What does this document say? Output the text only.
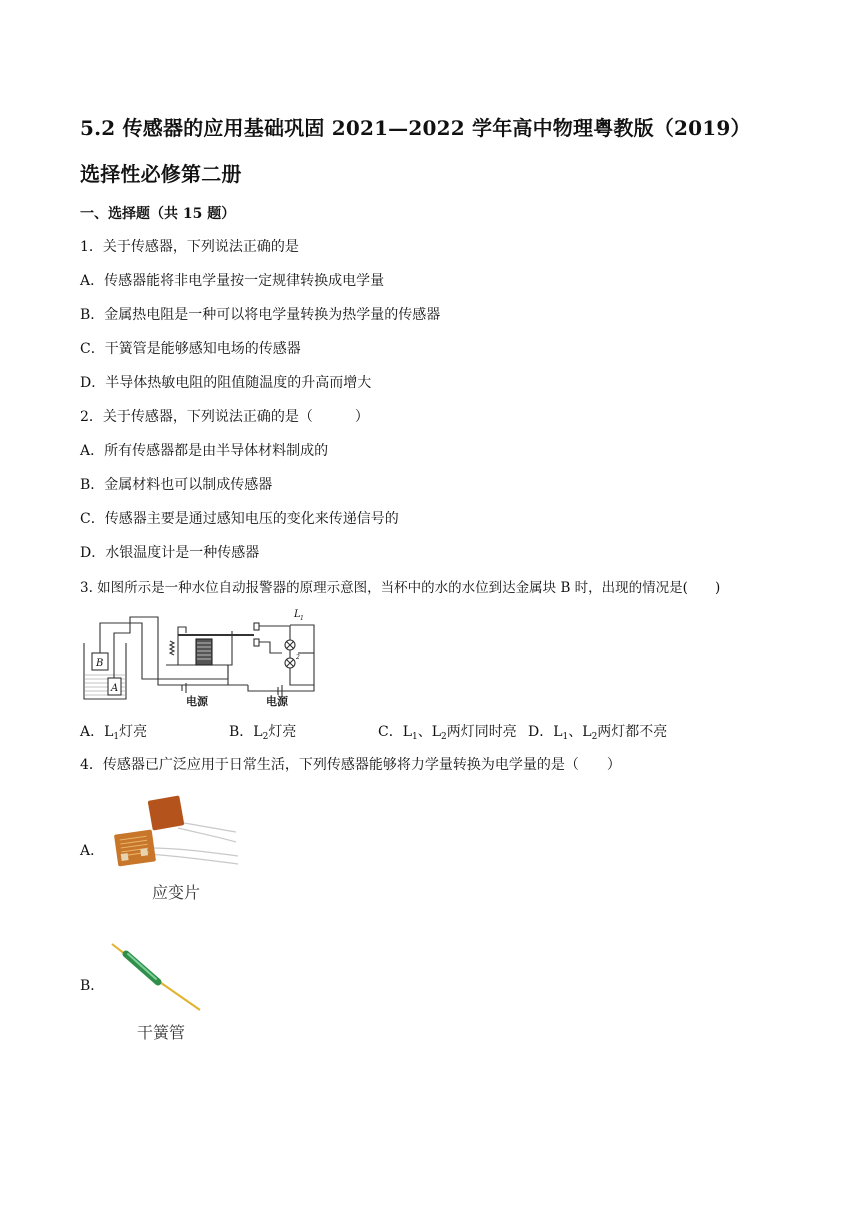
5.2 传感器的应用基础巩固 2021—2022 学年高中物理粤教版（2019）
选择性必修第二册
一、选择题（共 15 题）
1．关于传感器，下列说法正确的是
A．传感器能将非电学量按一定规律转换成电学量
B．金属热电阻是一种可以将电学量转换为热学量的传感器
C．干簧管是能够感知电场的传感器
D．半导体热敏电阻的阻值随温度的升高而增大
2．关于传感器，下列说法正确的是（　　　）
A．所有传感器都是由半导体材料制成的
B．金属材料也可以制成传感器
C．传感器主要是通过感知电压的变化来传递信号的
D．水银温度计是一种传感器
3. 如图所示是一种水位自动报警器的原理示意图，当杯中的水的水位到达金属块 B 时，出现的情况是(　　)
B
A
L 1
2
电源	电源
A．$L_1$灯亮	B．$L_2$灯亮	C．$L_1$、$L_2$两灯同时亮 D．$L_1$、$L_2$两灯都不亮
4．传感器已广泛应用于日常生活，下列传感器能够将力学量转换为电学量的是（　　）
A．
应变片
B．
干簧管
